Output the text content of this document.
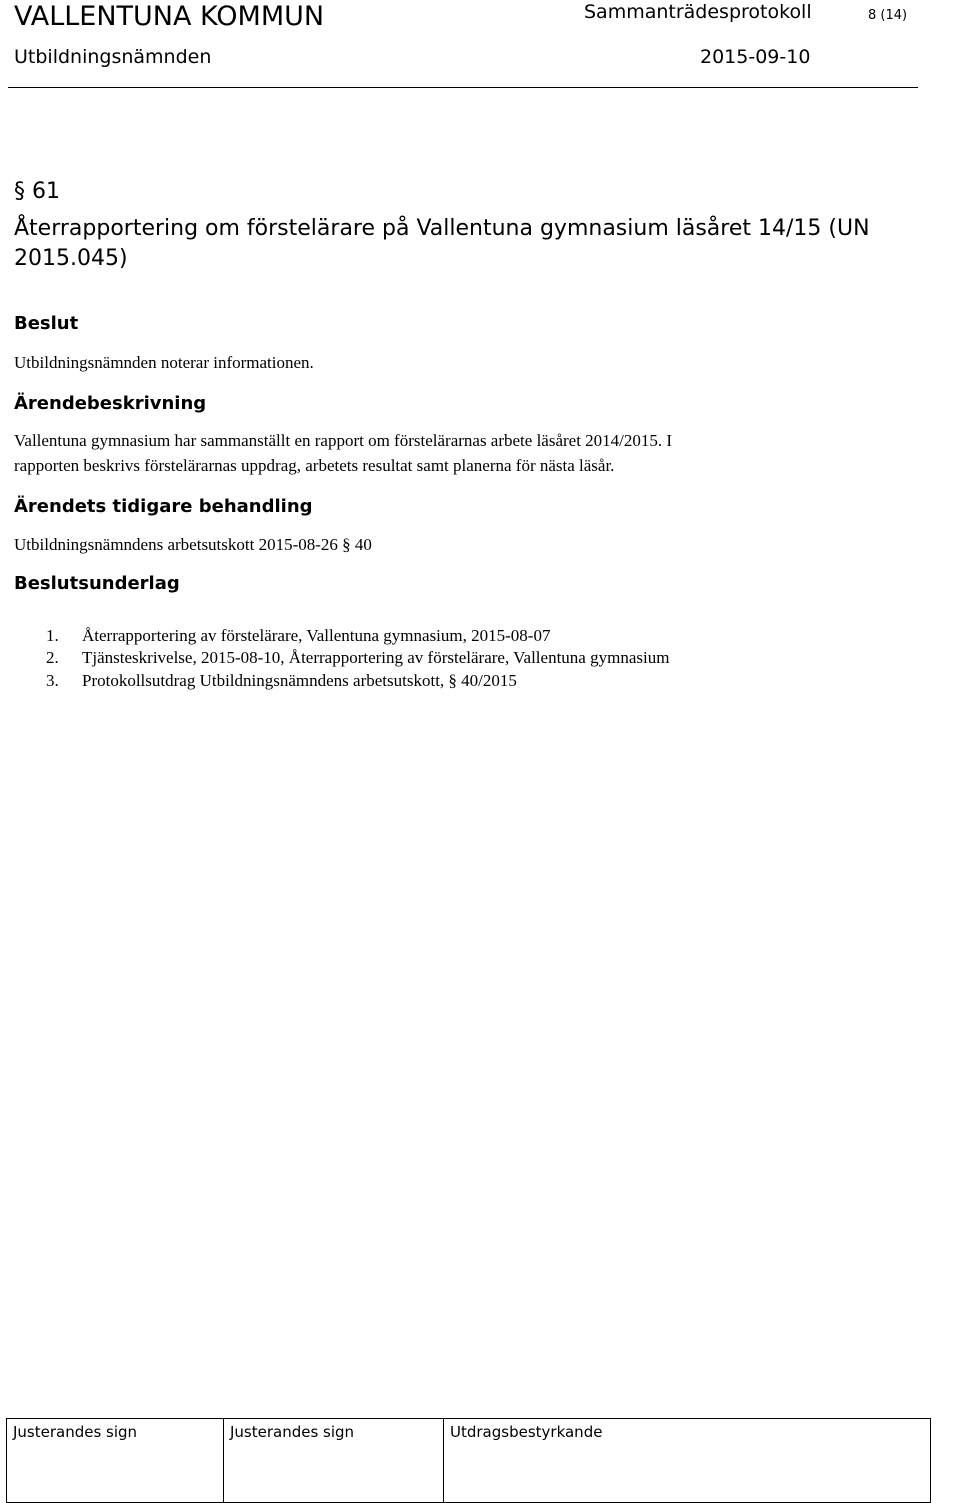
VALLENTUNA KOMMUN	Sammanträdesprotokoll	8 (14)
Utbildningsnämnden	2015-09-10
§ 61
Återrapportering om förstelärare på Vallentuna gymnasium läsåret 14/15 (UN 2015.045)
Beslut
Utbildningsnämnden noterar informationen.
Ärendebeskrivning
Vallentuna gymnasium har sammanställt en rapport om förstelärarnas arbete läsåret 2014/2015. I
rapporten beskrivs förstelärarnas uppdrag, arbetets resultat samt planerna för nästa läsår.
Ärendets tidigare behandling
Utbildningsnämndens arbetsutskott 2015-08-26 § 40
Beslutsunderlag
1. Återrapportering av förstelärare, Vallentuna gymnasium, 2015-08-07
2. Tjänsteskrivelse, 2015-08-10, Återrapportering av förstelärare, Vallentuna gymnasium
3. Protokollsutdrag Utbildningsnämndens arbetsutskott, § 40/2015
Justerandes sign	Justerandes sign	Utdragsbestyrkande
